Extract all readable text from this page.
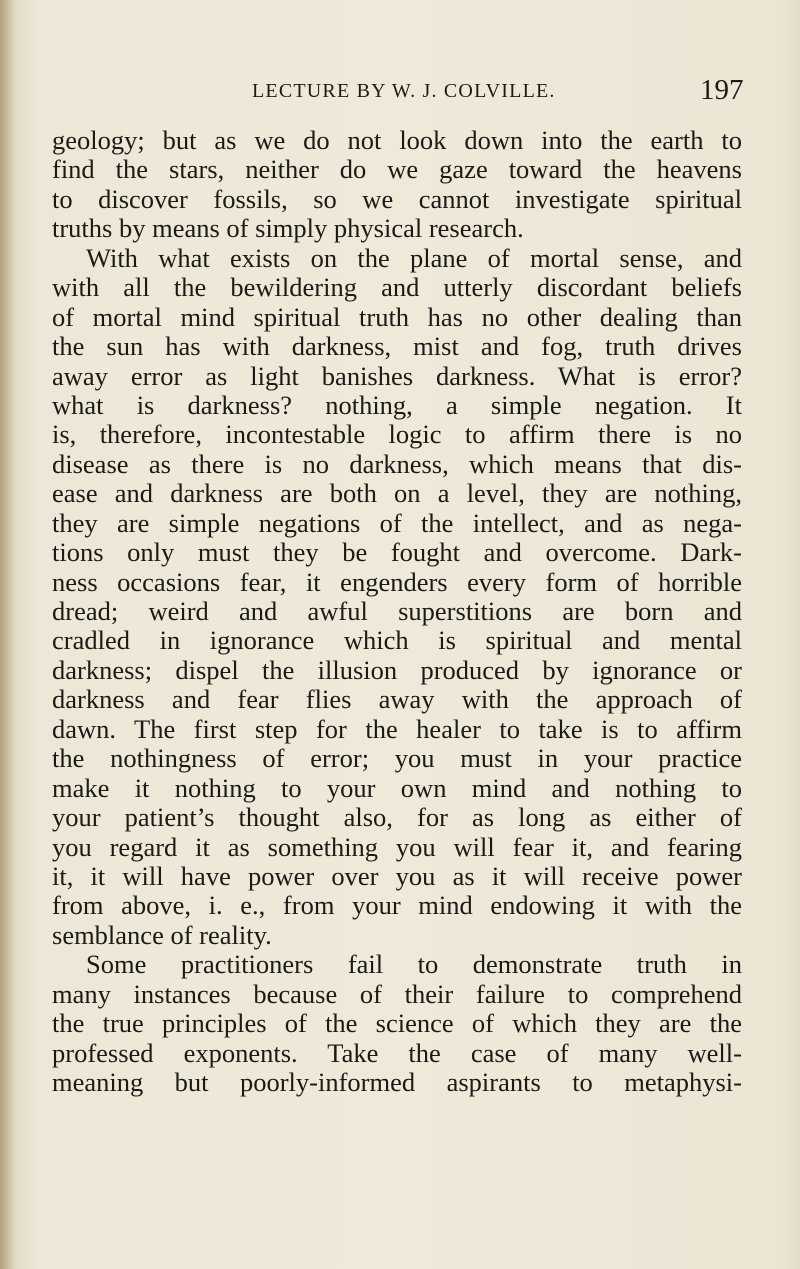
LECTURE BY W. J. COLVILLE.	197
geology; but as we do not look down into the earth to
find the stars, neither do we gaze toward the heavens
to discover fossils, so we cannot investigate spiritual
truths by means of simply physical research.
With what exists on the plane of mortal sense, and
with all the bewildering and utterly discordant beliefs
of mortal mind spiritual truth has no other dealing than
the sun has with darkness, mist and fog, truth drives
away error as light banishes darkness. What is error?
what is darkness? nothing, a simple negation. It
is, therefore, incontestable logic to affirm there is no
disease as there is no darkness, which means that dis-
ease and darkness are both on a level, they are nothing,
they are simple negations of the intellect, and as nega-
tions only must they be fought and overcome. Dark-
ness occasions fear, it engenders every form of horrible
dread; weird and awful superstitions are born and
cradled in ignorance which is spiritual and mental
darkness; dispel the illusion produced by ignorance or
darkness and fear flies away with the approach of
dawn. The first step for the healer to take is to affirm
the nothingness of error; you must in your practice
make it nothing to your own mind and nothing to
your patient’s thought also, for as long as either of
you regard it as something you will fear it, and fearing
it, it will have power over you as it will receive power
from above, i. e., from your mind endowing it with the
semblance of reality.
Some practitioners fail to demonstrate truth in
many instances because of their failure to comprehend
the true principles of the science of which they are the
professed exponents. Take the case of many well-
meaning but poorly-informed aspirants to metaphysi-
